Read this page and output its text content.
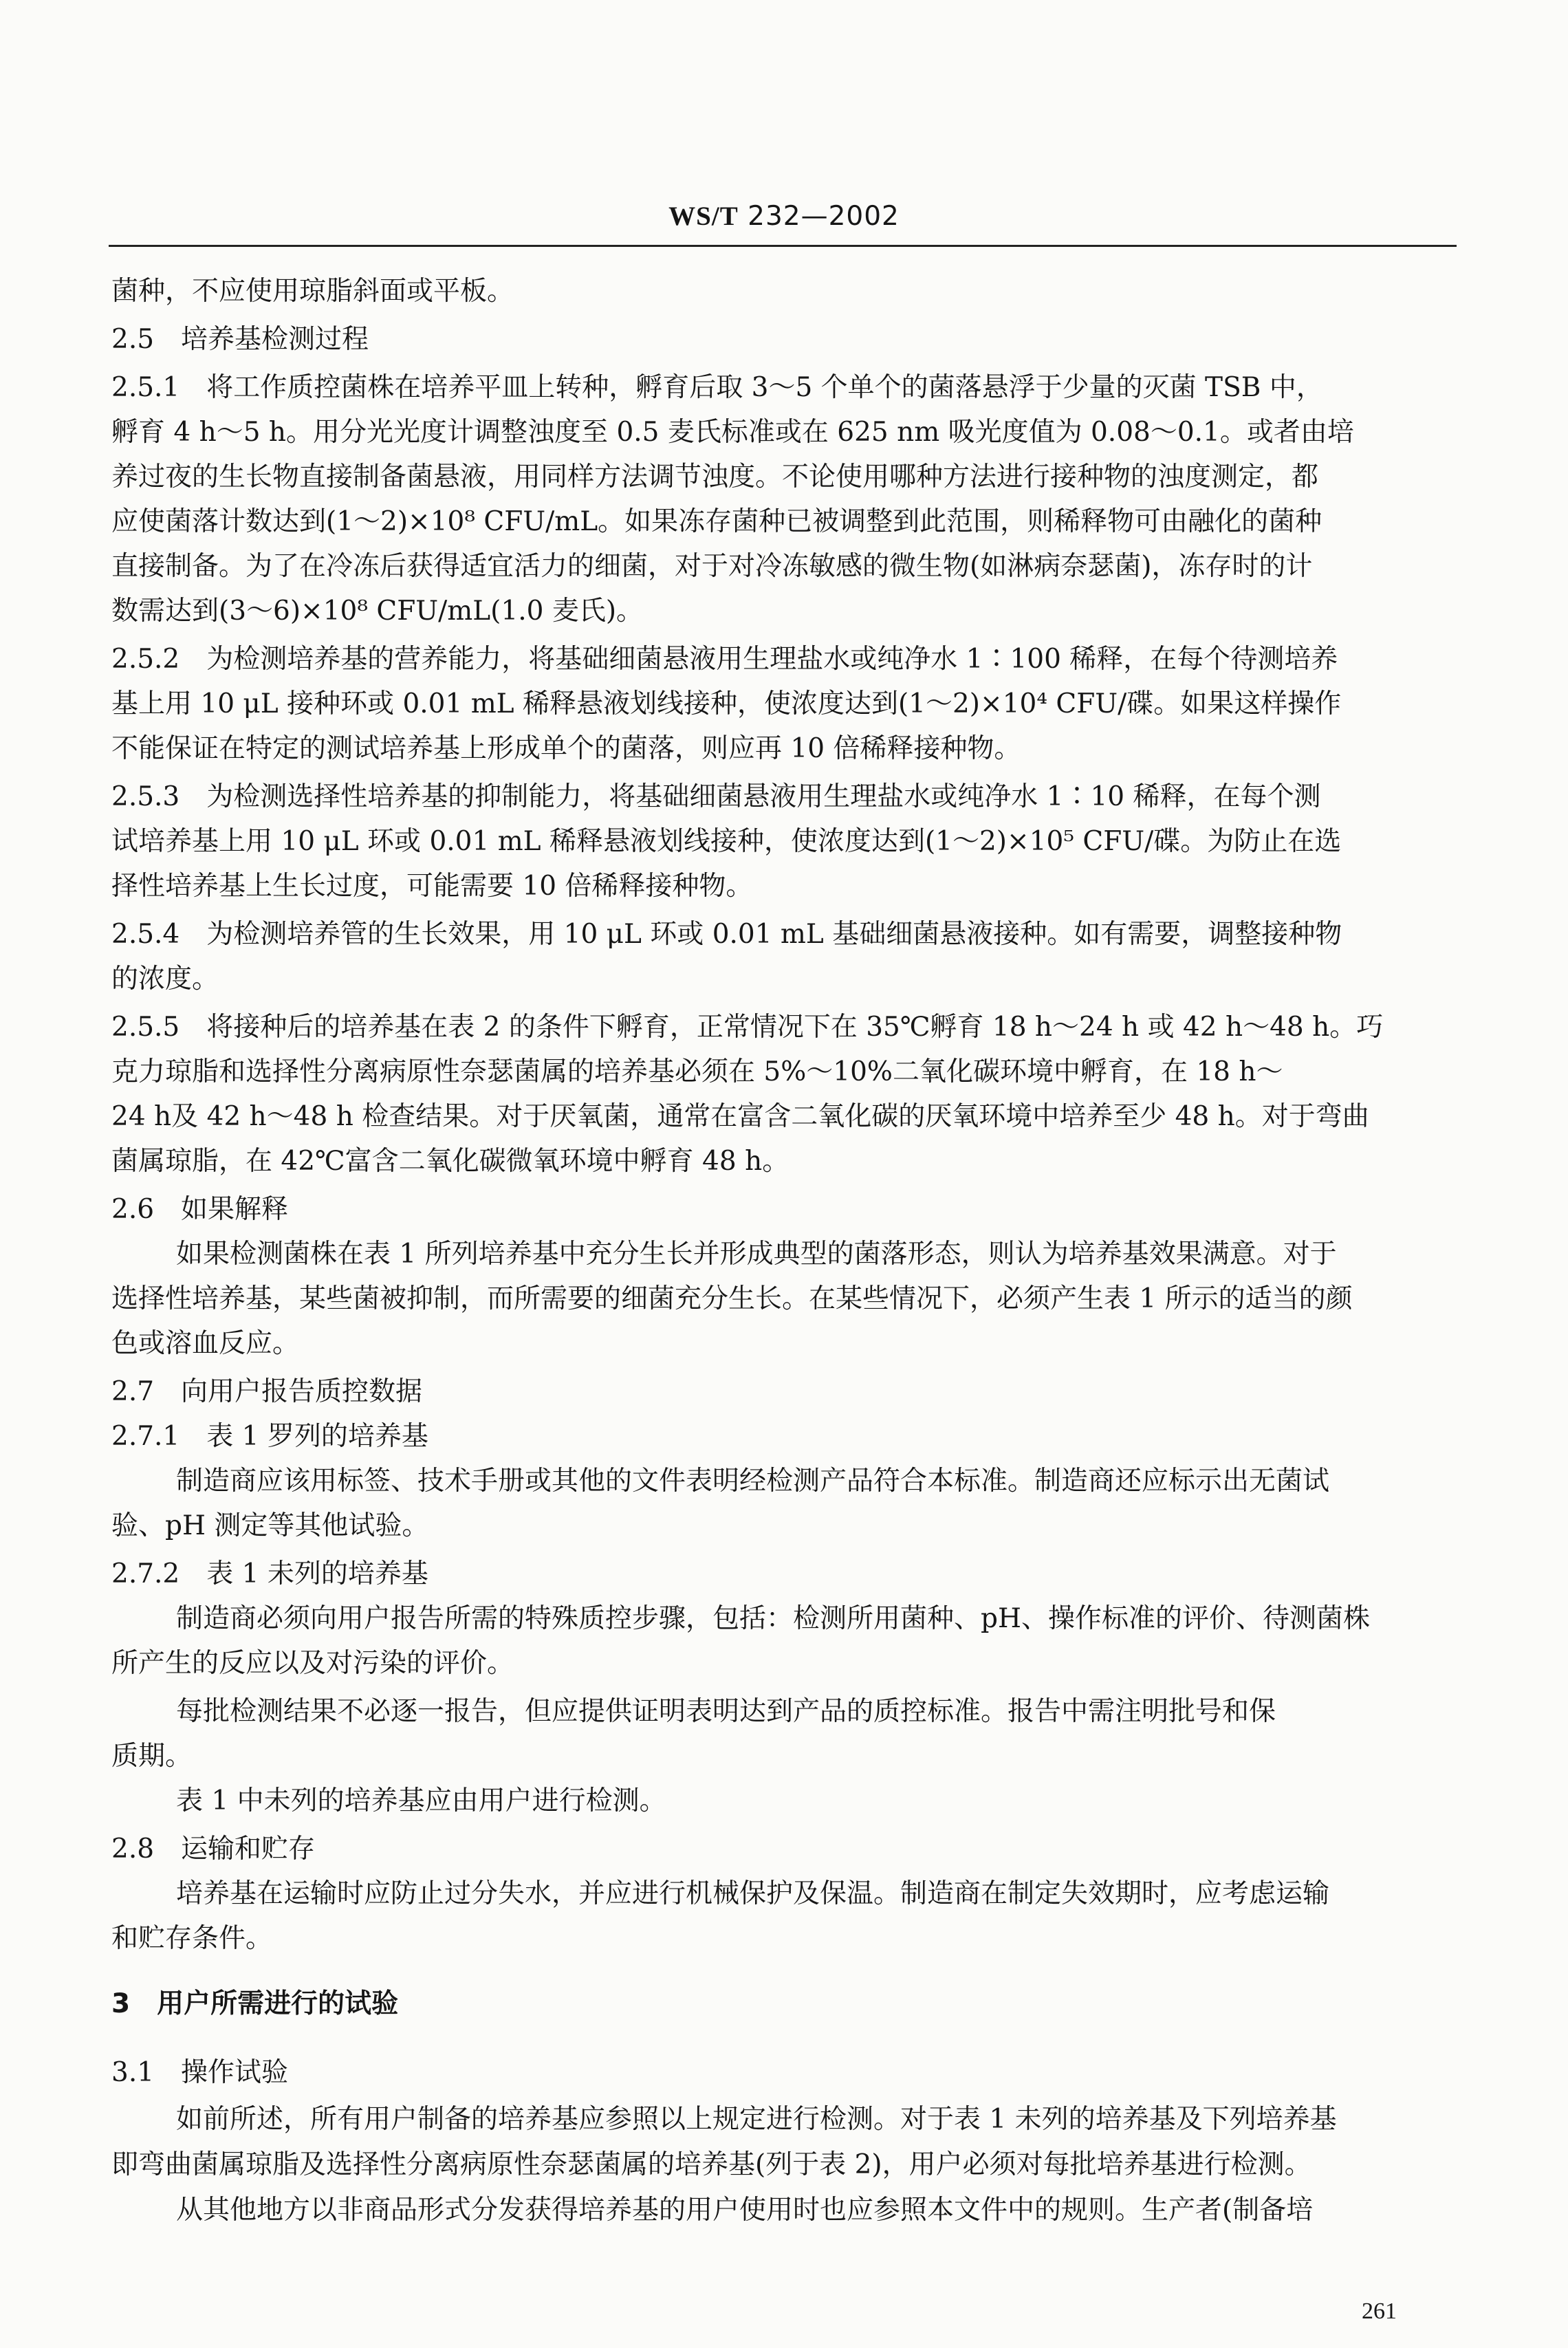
WS/T 232—2002
菌种，不应使用琼脂斜面或平板。
2.5　培养基检测过程
2.5.1　将工作质控菌株在培养平皿上转种，孵育后取 3～5 个单个的菌落悬浮于少量的灭菌 TSB 中，
孵育 4 h～5 h。用分光光度计调整浊度至 0.5 麦氏标准或在 625 nm 吸光度值为 0.08～0.1。或者由培
养过夜的生长物直接制备菌悬液，用同样方法调节浊度。不论使用哪种方法进行接种物的浊度测定，都
应使菌落计数达到(1～2)×10⁸ CFU/mL。如果冻存菌种已被调整到此范围，则稀释物可由融化的菌种
直接制备。为了在冷冻后获得适宜活力的细菌，对于对冷冻敏感的微生物(如淋病奈瑟菌)，冻存时的计
数需达到(3～6)×10⁸ CFU/mL(1.0 麦氏)。
2.5.2　为检测培养基的营养能力，将基础细菌悬液用生理盐水或纯净水 1∶100 稀释，在每个待测培养
基上用 10 μL 接种环或 0.01 mL 稀释悬液划线接种，使浓度达到(1～2)×10⁴ CFU/碟。如果这样操作
不能保证在特定的测试培养基上形成单个的菌落，则应再 10 倍稀释接种物。
2.5.3　为检测选择性培养基的抑制能力，将基础细菌悬液用生理盐水或纯净水 1∶10 稀释，在每个测
试培养基上用 10 μL 环或 0.01 mL 稀释悬液划线接种，使浓度达到(1～2)×10⁵ CFU/碟。为防止在选
择性培养基上生长过度，可能需要 10 倍稀释接种物。
2.5.4　为检测培养管的生长效果，用 10 μL 环或 0.01 mL 基础细菌悬液接种。如有需要，调整接种物
的浓度。
2.5.5　将接种后的培养基在表 2 的条件下孵育，正常情况下在 35℃孵育 18 h～24 h 或 42 h～48 h。巧
克力琼脂和选择性分离病原性奈瑟菌属的培养基必须在 5%～10%二氧化碳环境中孵育，在 18 h～
24 h及 42 h～48 h 检查结果。对于厌氧菌，通常在富含二氧化碳的厌氧环境中培养至少 48 h。对于弯曲
菌属琼脂，在 42℃富含二氧化碳微氧环境中孵育 48 h。
2.6　如果解释
如果检测菌株在表 1 所列培养基中充分生长并形成典型的菌落形态，则认为培养基效果满意。对于
选择性培养基，某些菌被抑制，而所需要的细菌充分生长。在某些情况下，必须产生表 1 所示的适当的颜
色或溶血反应。
2.7　向用户报告质控数据
2.7.1　表 1 罗列的培养基
制造商应该用标签、技术手册或其他的文件表明经检测产品符合本标准。制造商还应标示出无菌试
验、pH 测定等其他试验。
2.7.2　表 1 未列的培养基
制造商必须向用户报告所需的特殊质控步骤，包括：检测所用菌种、pH、操作标准的评价、待测菌株
所产生的反应以及对污染的评价。
每批检测结果不必逐一报告，但应提供证明表明达到产品的质控标准。报告中需注明批号和保
质期。
表 1 中未列的培养基应由用户进行检测。
2.8　运输和贮存
培养基在运输时应防止过分失水，并应进行机械保护及保温。制造商在制定失效期时，应考虑运输
和贮存条件。
3　用户所需进行的试验
3.1　操作试验
如前所述，所有用户制备的培养基应参照以上规定进行检测。对于表 1 未列的培养基及下列培养基
即弯曲菌属琼脂及选择性分离病原性奈瑟菌属的培养基(列于表 2)，用户必须对每批培养基进行检测。
从其他地方以非商品形式分发获得培养基的用户使用时也应参照本文件中的规则。生产者(制备培
261
